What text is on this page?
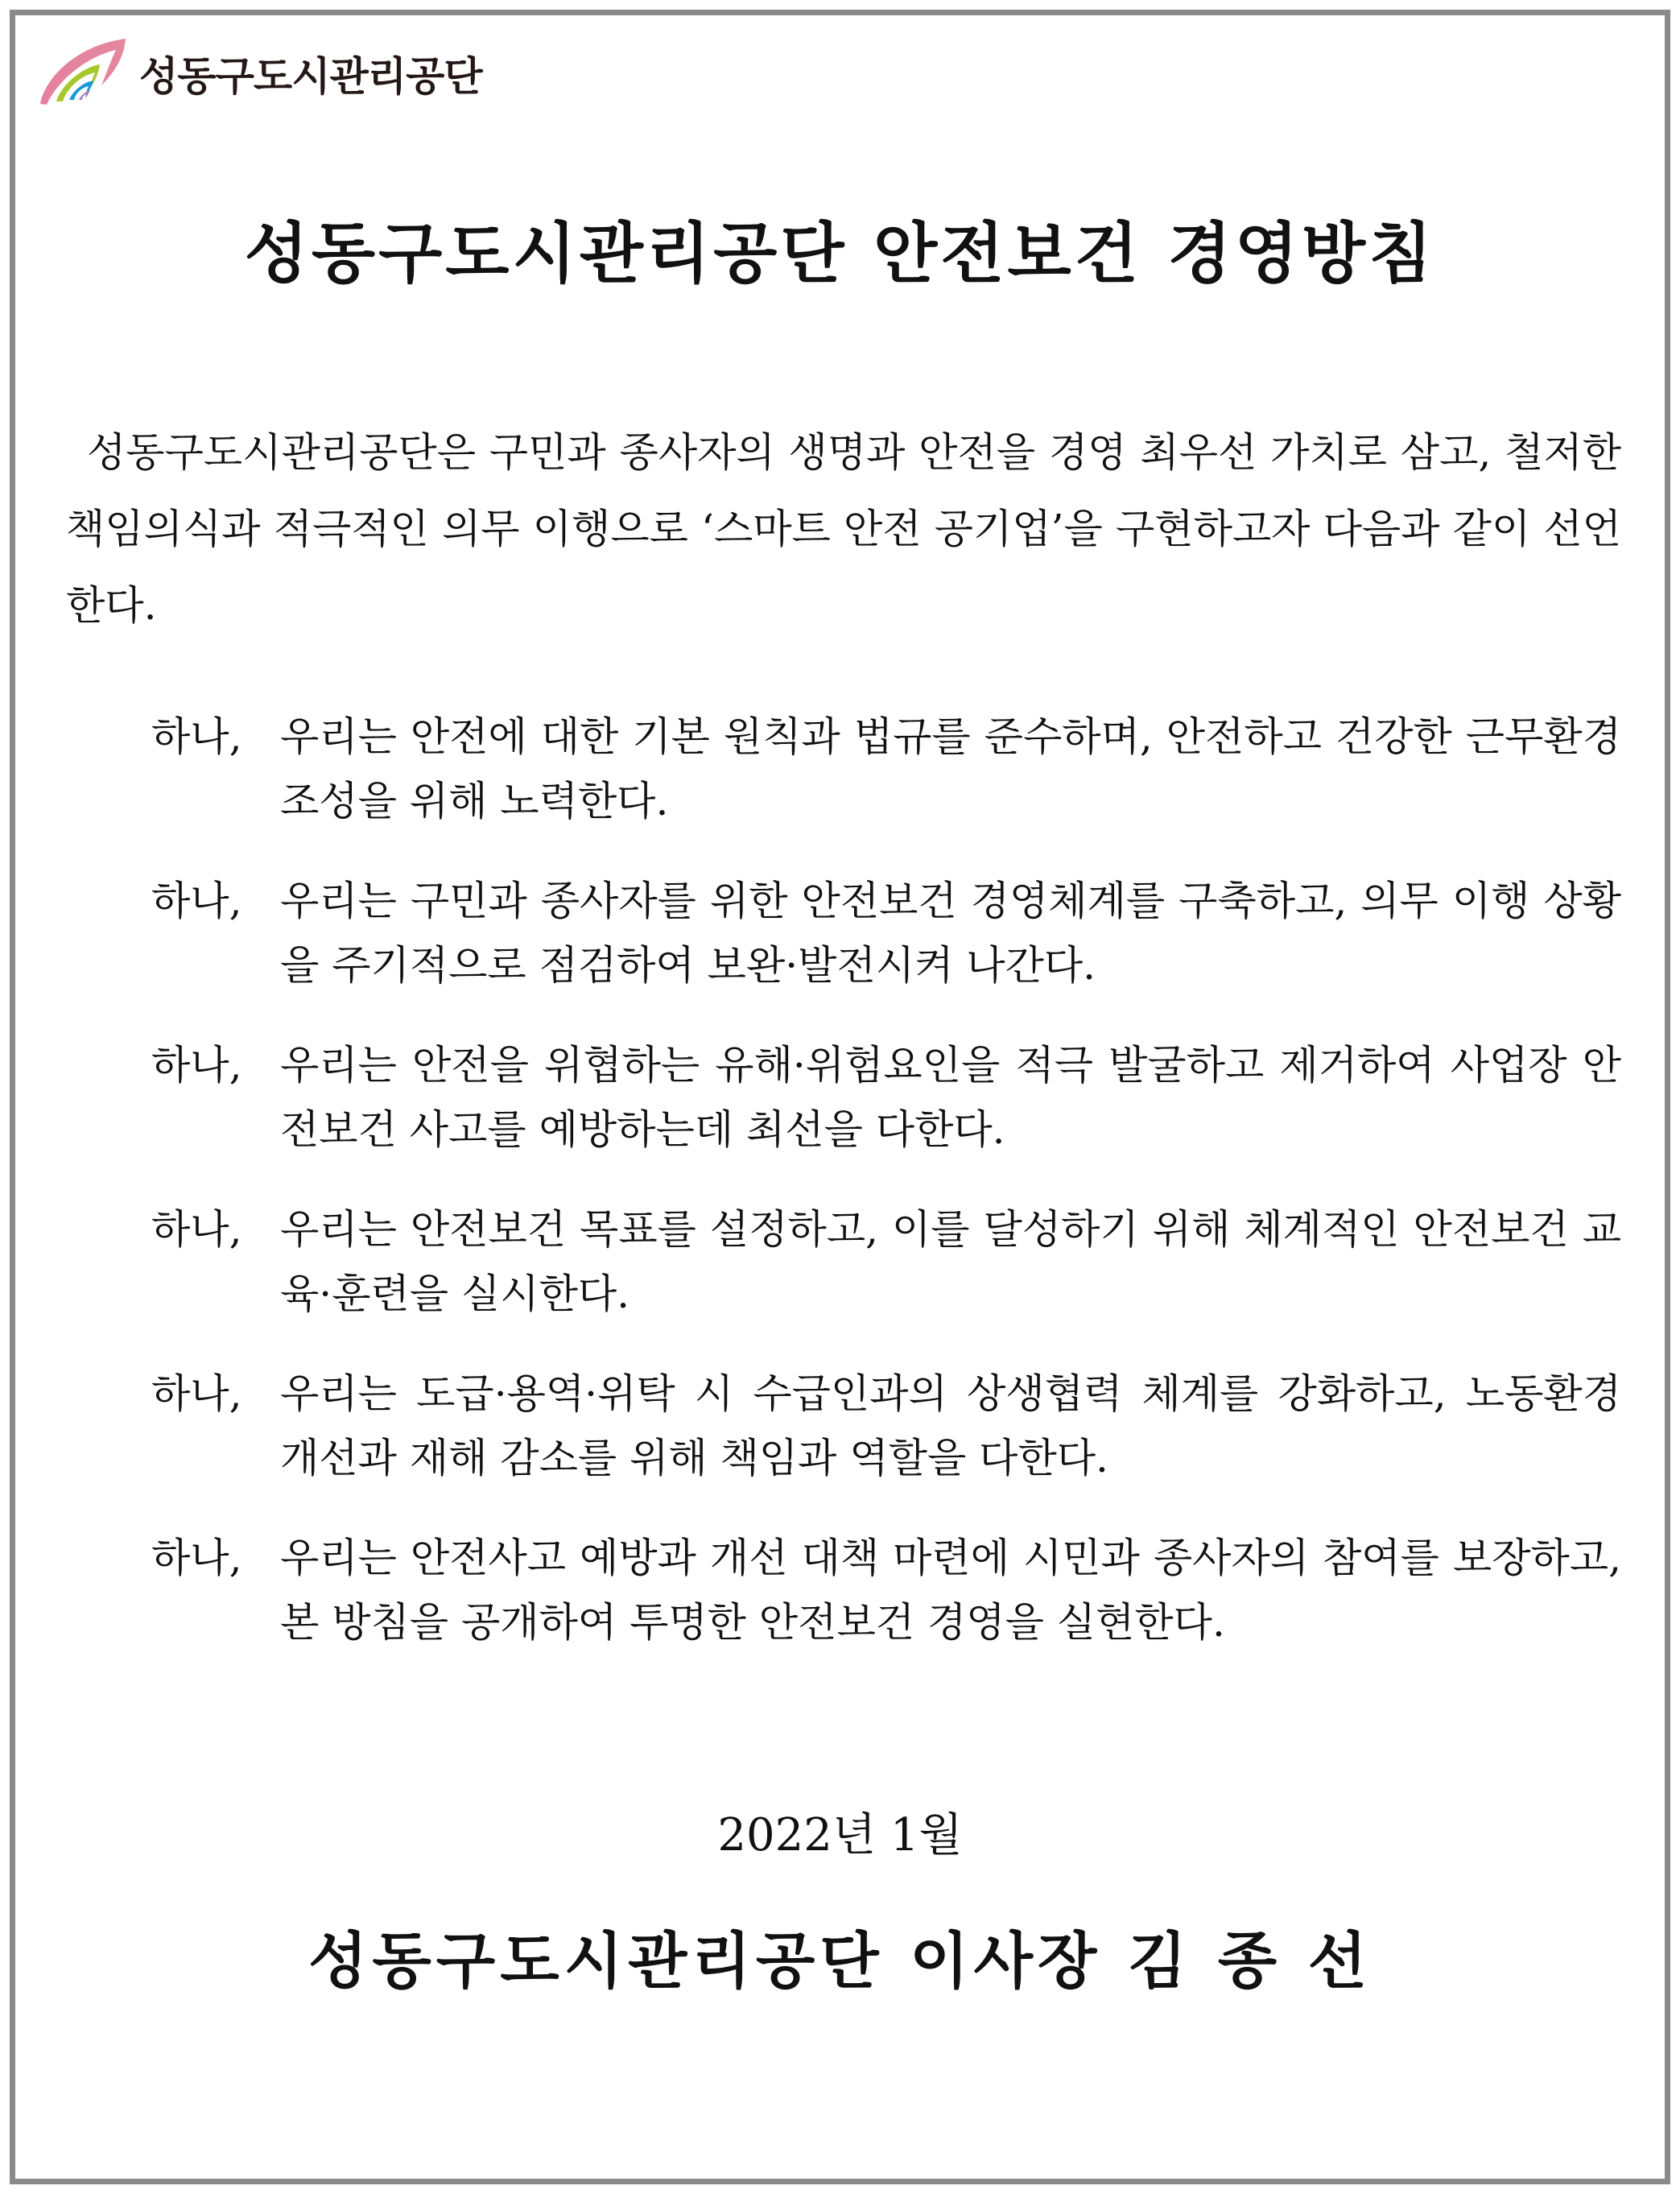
성동구도시관리공단
성동구도시관리공단 안전보건 경영방침
성동구도시관리공단은 구민과 종사자의 생명과 안전을 경영 최우선 가치로 삼고, 철저한 책임의식과 적극적인 의무 이행으로 ‘스마트 안전 공기업’을 구현하고자 다음과 같이 선언한다.
하나, 우리는 안전에 대한 기본 원칙과 법규를 준수하며, 안전하고 건강한 근무환경 조성을 위해 노력한다.
하나, 우리는 구민과 종사자를 위한 안전보건 경영체계를 구축하고, 의무 이행 상황을 주기적으로 점검하여 보완·발전시켜 나간다.
하나, 우리는 안전을 위협하는 유해·위험요인을 적극 발굴하고 제거하여 사업장 안전보건 사고를 예방하는데 최선을 다한다.
하나, 우리는 안전보건 목표를 설정하고, 이를 달성하기 위해 체계적인 안전보건 교육·훈련을 실시한다.
하나, 우리는 도급·용역·위탁 시 수급인과의 상생협력 체계를 강화하고, 노동환경 개선과 재해 감소를 위해 책임과 역할을 다한다.
하나, 우리는 안전사고 예방과 개선 대책 마련에 시민과 종사자의 참여를 보장하고, 본 방침을 공개하여 투명한 안전보건 경영을 실현한다.
2022년 1월
성동구도시관리공단 이사장 김 종 선
